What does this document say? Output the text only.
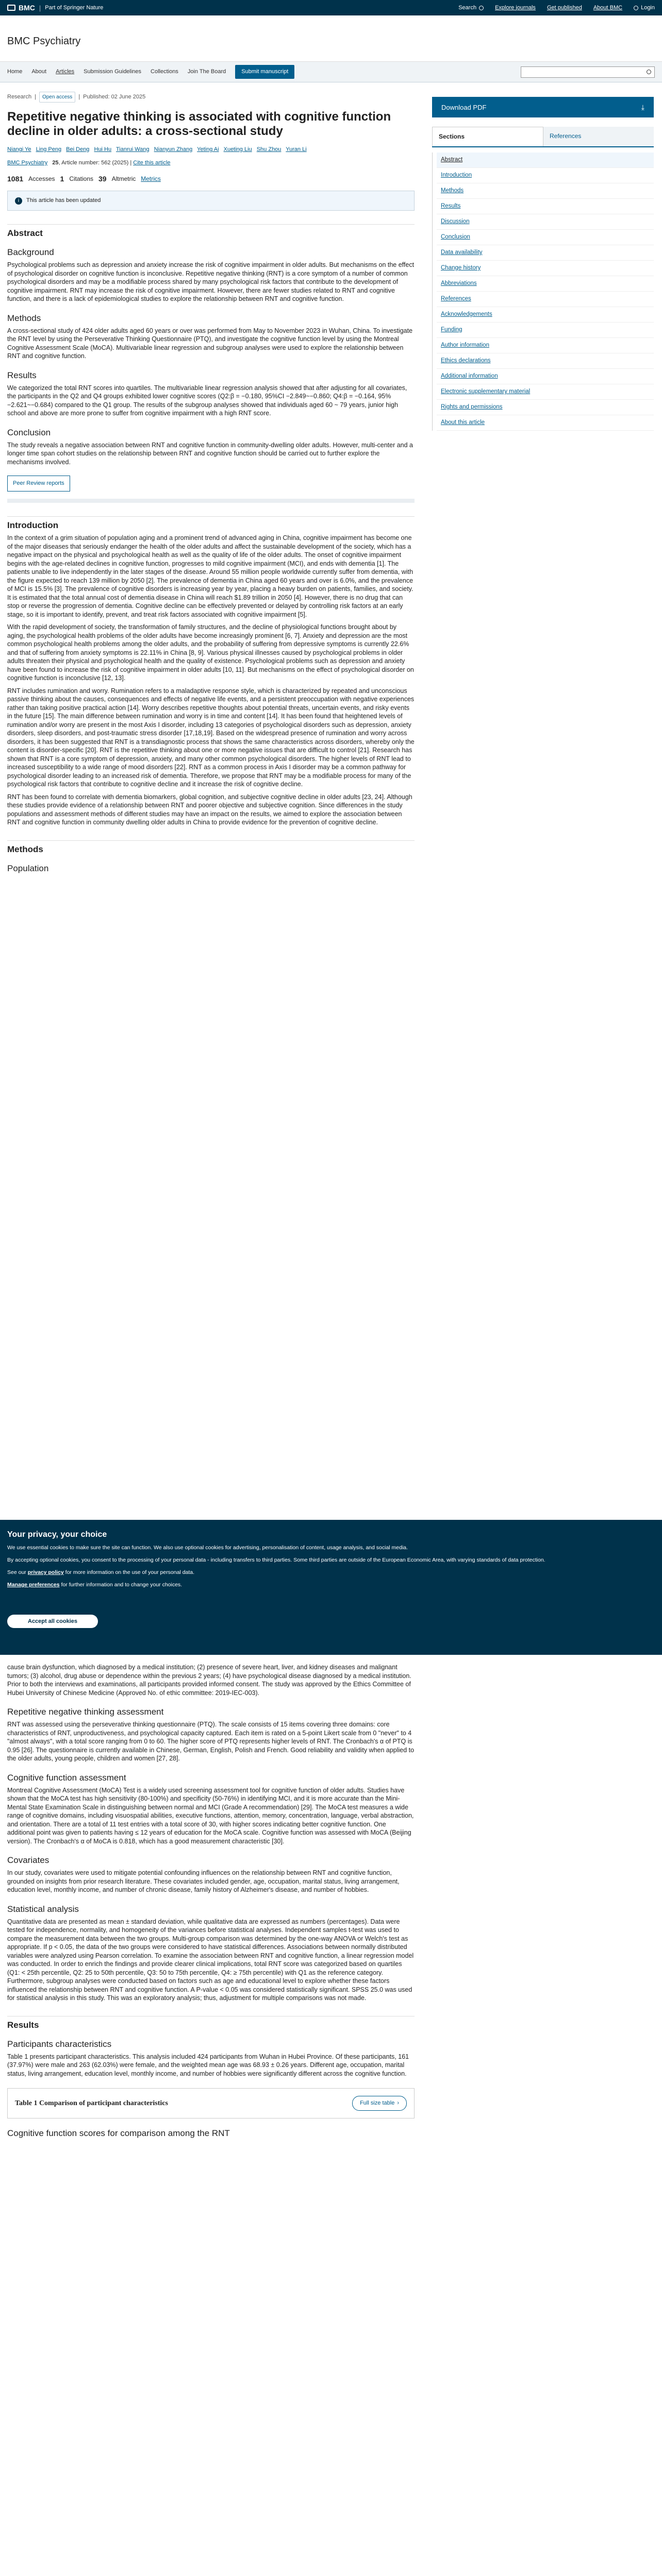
BMC | Part of Springer Nature	Search	Explore journals Get published About BMC	Login
BMC Psychiatry
Home About Articles Submission Guidelines Collections Join The Board	Submit manuscript
Research |	Open access	| Published: 02 June 2025
Repetitive negative thinking is associated with cognitive function decline in older adults: a cross-sectional study
Niangi Ye Ling Peng Bei Deng Hui Hu Tianrui Wang Nianyun Zhang Yeting Ai Xueting Liu Shu Zhou Yuran Li
BMC Psychiatry 25, Article number: 562 (2025) | Cite this article
1081 Accesses 1 Citations 39 Altmetric Metrics
i	This article has been updated
Abstract
Background

Psychological problems such as depression and anxiety increase the risk of cognitive impairment in older adults. But mechanisms on the effect of psychological disorder on cognitive function is inconclusive. Repetitive negative thinking (RNT) is a core symptom of a number of common psychological disorders and may be a modifiable process shared by many psychological risk factors that contribute to the development of cognitive impairment. RNT may increase the risk of cognitive impairment. However, there are fewer studies related to RNT and cognitive function, and there is a lack of epidemiological studies to explore the relationship between RNT and cognitive function.

Methods

A cross-sectional study of 424 older adults aged 60 years or over was performed from May to November 2023 in Wuhan, China. To investigate the RNT level by using the Perseverative Thinking Questionnaire (PTQ), and investigate the cognitive function level by using the Montreal Cognitive Assessment Scale (MoCA). Multivariable linear regression and subgroup analyses were used to explore the relationship between RNT and cognitive function.

Results

We categorized the total RNT scores into quartiles. The multivariable linear regression analysis showed that after adjusting for all covariates, the participants in the Q2 and Q4 groups exhibited lower cognitive scores (Q2:β = −0.180, 95%CI −2.849~−0.860; Q4:β = −0.164, 95% −2.621~−0.684) compared to the Q1 group. The results of the subgroup analyses showed that individuals aged 60 ~ 79 years, junior high school and above are more prone to suffer from cognitive impairment with a high RNT score.

Conclusion

The study reveals a negative association between RNT and cognitive function in community-dwelling older adults. However, multi-center and a longer time span cohort studies on the relationship between RNT and cognitive function should be carried out to further explore the mechanisms involved.

Peer Review reports
Introduction

In the context of a grim situation of population aging and a prominent trend of advanced aging in China, cognitive impairment has become one of the major diseases that seriously endanger the health of the older adults and affect the sustainable development of the society, which has a negative impact on the physical and psychological health as well as the quality of life of the older adults. The onset of cognitive impairment begins with the age-related declines in cognitive function, progresses to mild cognitive impairment (MCI), and ends with dementia [1]. The patients unable to live independently in the later stages of the disease. Around 55 million people worldwide currently suffer from dementia, with the figure expected to reach 139 million by 2050 [2]. The prevalence of dementia in China aged 60 years and over is 6.0%, and the prevalence of MCI is 15.5% [3]. The prevalence of cognitive disorders is increasing year by year, placing a heavy burden on patients, families, and society. It is estimated that the total annual cost of dementia disease in China will reach $1.89 trillion in 2050 [4]. However, there is no drug that can stop or reverse the progression of dementia. Cognitive decline can be effectively prevented or delayed by controlling risk factors at an early stage, so it is important to identify, prevent, and treat risk factors associated with cognitive impairment [5].

With the rapid development of society, the transformation of family structures, and the decline of physiological functions brought about by aging, the psychological health problems of the older adults have become increasingly prominent [6, 7]. Anxiety and depression are the most common psychological health problems among the older adults, and the probability of suffering from depressive symptoms is currently 22.6% and that of suffering from anxiety symptoms is 22.11% in China [8, 9]. Various physical illnesses caused by psychological problems in older adults threaten their physical and psychological health and the quality of existence. Psychological problems such as depression and anxiety have been found to increase the risk of cognitive impairment in older adults [10, 11]. But mechanisms on the effect of psychological disorder on cognitive function is inconclusive [12, 13].

RNT includes rumination and worry. Rumination refers to a maladaptive response style, which is characterized by repeated and unconscious passive thinking about the causes, consequences and effects of negative life events, and a persistent preoccupation with negative experiences rather than taking positive practical action [14]. Worry describes repetitive thoughts about potential threats, uncertain events, and risky events in the future [15]. The main difference between rumination and worry is in time and content [14]. It has been found that heightened levels of rumination and/or worry are present in the most Axis I disorder, including 13 categories of psychological disorders such as depression, anxiety disorders, sleep disorders, and post-traumatic stress disorder [17,18,19]. Based on the widespread presence of rumination and worry across disorders, it has been suggested that RNT is a transdiagnostic process that shows the same characteristics across disorders, whereby only the content is disorder-specific [20]. RNT is the repetitive thinking about one or more negative issues that are difficult to control [21]. Research has shown that RNT is a core symptom of depression, anxiety, and many other common psychological disorders. The higher levels of RNT lead to increased susceptibility to a wide range of mood disorders [22]. RNT as a common process in Axis I disorder may be a common pathway for psychological disorder leading to an increased risk of dementia. Therefore, we propose that RNT may be a modifiable process for many of the psychological risk factors that contribute to cognitive decline and it increase the risk of cognitive decline.

RNT has been found to correlate with dementia biomarkers, global cognition, and subjective cognitive decline in older adults [23, 24]. Although these studies provide evidence of a relationship between RNT and poorer objective and subjective cognition. Since differences in the study populations and assessment methods of different studies may have an impact on the results, we aimed to explore the association between RNT and cognitive function in community dwelling older adults in China to provide evidence for the prevention of cognitive decline.

Methods
Population
Your privacy, your choice

We use essential cookies to make sure the site can function. We also use optional cookies for advertising, personalisation of content, usage analysis, and social media.

By accepting optional cookies, you consent to the processing of your personal data - including transfers to third parties. Some third parties are outside of the European Economic Area, with varying standards of data protection.

See our privacy policy for more information on the use of your personal data.

Manage preferences for further information and to change your choices.

Accept all cookies

cause brain dysfunction, which diagnosed by a medical institution; (2) presence of severe heart, liver, and kidney diseases and malignant tumors; (3) alcohol, drug abuse or dependence within the previous 2 years; (4) have psychological disease diagnosed by a medical institution. Prior to both the interviews and examinations, all participants provided informed consent. The study was approved by the Ethics Committee of Hubei University of Chinese Medicine (Approved No. of ethic committee: 2019-IEC-003).

Repetitive negative thinking assessment

RNT was assessed using the perseverative thinking questionnaire (PTQ). The scale consists of 15 items covering three domains: core characteristics of RNT, unproductiveness, and psychological capacity captured. Each item is rated on a 5-point Likert scale from 0 "never" to 4 "almost always", with a total score ranging from 0 to 60. The higher score of PTQ represents higher levels of RNT. The Cronbach's α of PTQ is 0.95 [26]. The questionnaire is currently available in Chinese, German, English, Polish and French. Good reliability and validity when applied to the older adults, young people, children and women [27, 28].

Cognitive function assessment

Montreal Cognitive Assessment (MoCA) Test is a widely used screening assessment tool for cognitive function of older adults. Studies have shown that the MoCA test has high sensitivity (80-100%) and specificity (50-76%) in identifying MCI, and it is more accurate than the Mini-Mental State Examination Scale in distinguishing between normal and MCI (Grade A recommendation) [29]. The MoCA test measures a wide range of cognitive domains, including visuospatial abilities, executive functions, attention, memory, concentration, language, verbal abstraction, and orientation. There are a total of 11 test entries with a total score of 30, with higher scores indicating better cognitive function. One additional point was given to patients having ≤ 12 years of education for the MoCA scale. Cognitive function was assessed with MoCA (Beijing version). The Cronbach's α of MoCA is 0.818, which has a good measurement characteristic [30].

Covariates

In our study, covariates were used to mitigate potential confounding influences on the relationship between RNT and cognitive function, grounded on insights from prior research literature. These covariates included gender, age, occupation, marital status, living arrangement, education level, monthly income, and number of chronic disease, family history of Alzheimer's disease, and number of hobbies.

Statistical analysis

Quantitative data are presented as mean ± standard deviation, while qualitative data are expressed as numbers (percentages). Data were tested for independence, normality, and homogeneity of the variances before statistical analyses. Independent samples t-test was used to compare the measurement data between the two groups. Multi-group comparison was determined by the one-way ANOVA or Welch's test as appropriate. If p < 0.05, the data of the two groups were considered to have statistical differences. Associations between normally distributed variables were analyzed using Pearson correlation. To examine the association between RNT and cognitive function, a linear regression model was conducted. In order to enrich the findings and provide clearer clinical implications, total RNT score was categorized based on quartiles (Q1: < 25th percentile, Q2: 25 to 50th percentile, Q3: 50 to 75th percentile, Q4: ≥ 75th percentile) with Q1 as the reference category. Furthermore, subgroup analyses were conducted based on factors such as age and educational level to explore whether these factors influenced the relationship between RNT and cognitive function. A P-value < 0.05 was considered statistically significant. SPSS 25.0 was used for statistical analysis in this study. This was an exploratory analysis; thus, adjustment for multiple comparisons was not made.

Results
Participants characteristics

Table 1 presents participant characteristics. This analysis included 424 participants from Wuhan in Hubei Province. Of these participants, 161 (37.97%) were male and 263 (62.03%) were female, and the weighted mean age was 68.93 ± 0.26 years. Different age, occupation, marital status, living arrangement, education level, monthly income, and number of hobbies were significantly different across the cognitive function.

Table 1 Comparison of participant characteristics	Full size table ›
Cognitive function scores for comparison among the RNT
Download PDF	⤓
Sections	References
Abstract
Introduction
Methods
Results
Discussion
Conclusion
Data availability
Change history
Abbreviations
References
Acknowledgements
Funding
Author information
Ethics declarations
Additional information
Electronic supplementary material
Rights and permissions
About this article
